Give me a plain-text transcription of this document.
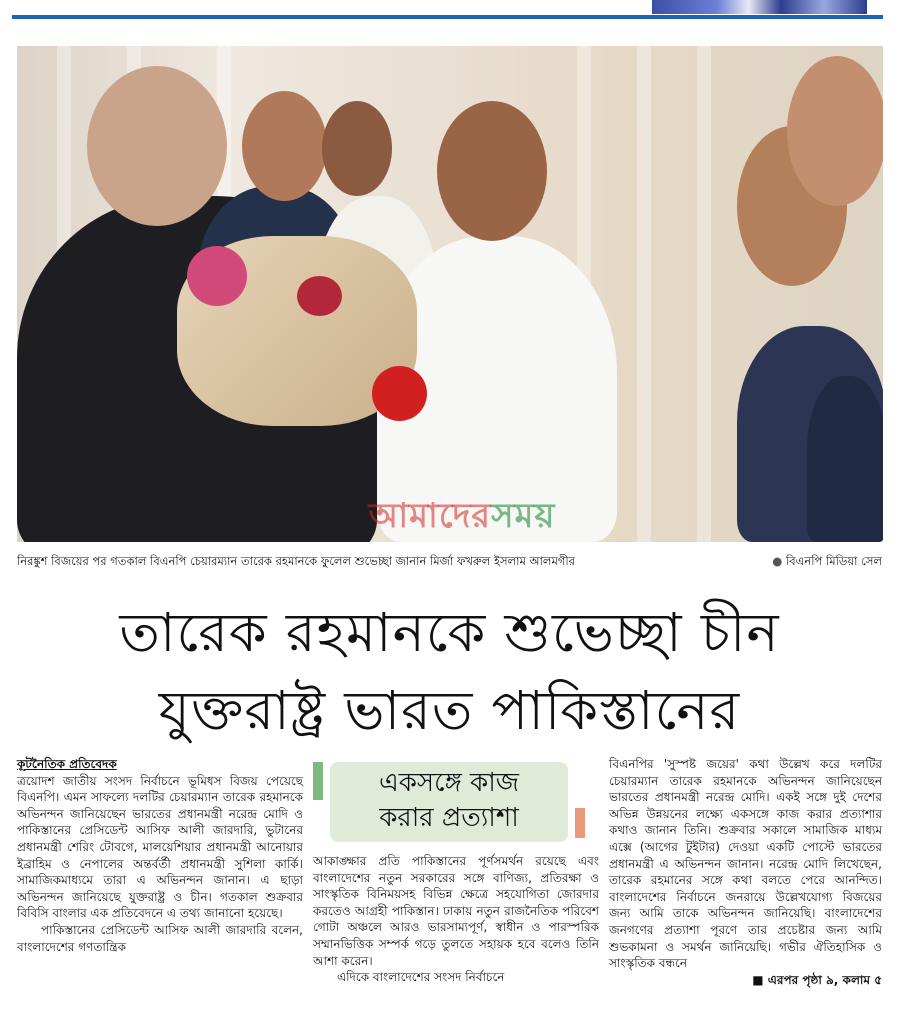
আমাদেরসময়
নিরঙ্কুশ বিজয়ের পর গতকাল বিএনপি চেয়ারম্যান তারেক রহমানকে ফুলেল শুভেচ্ছা জানান মির্জা ফখরুল ইসলাম আলমগীর	● বিএনপি মিডিয়া সেল
তারেক রহমানকে শুভেচ্ছা চীন
যুক্তরাষ্ট্র ভারত পাকিস্তানের
কূটনৈতিক প্রতিবেদক
ত্রয়োদশ জাতীয় সংসদ নির্বাচনে ভূমিধস বিজয় পেয়েছে বিএনপি। এমন সাফল্যে দলটির চেয়ারম্যান তারেক রহমানকে অভিনন্দন জানিয়েছেন ভারতের প্রধানমন্ত্রী নরেন্দ্র মোদি ও পাকিস্তানের প্রেসিডেন্ট আসিফ আলী জারদারি, ভুটানের প্রধানমন্ত্রী শেরিং টোবগে, মালয়েশিয়ার প্রধানমন্ত্রী আনোয়ার ইব্রাহিম ও নেপালের অন্তর্বর্তী প্রধানমন্ত্রী সুশিলা কার্কি। সামাজিকমাধ্যমে তারা এ অভিনন্দন জানান। এ ছাড়া অভিনন্দন জানিয়েছে যুক্তরাষ্ট্র ও চীন। গতকাল শুক্রবার বিবিসি বাংলার এক প্রতিবেদনে এ তথ্য জানানো হয়েছে।
পাকিস্তানের প্রেসিডেন্ট আসিফ আলী জারদারি বলেন, বাংলাদেশের গণতান্ত্রিক
একসঙ্গে কাজ
করার প্রত্যাশা
আকাঙ্ক্ষার প্রতি পাকিস্তানের পূর্ণসমর্থন রয়েছে এবং বাংলাদেশের নতুন সরকারের সঙ্গে বাণিজ্য, প্রতিরক্ষা ও সাংস্কৃতিক বিনিময়সহ বিভিন্ন ক্ষেত্রে সহযোগিতা জোরদার করতেও আগ্রহী পাকিস্তান। ঢাকায় নতুন রাজনৈতিক পরিবেশ গোটা অঞ্চলে আরও ভারসাম্যপূর্ণ, স্বাধীন ও পারস্পরিক সম্মানভিত্তিক সম্পর্ক গড়ে তুলতে সহায়ক হবে বলেও তিনি আশা করেন।
এদিকে বাংলাদেশের সংসদ নির্বাচনে
বিএনপির 'সুস্পষ্ট জয়ের' কথা উল্লেখ করে দলটির চেয়ারম্যান তারেক রহমানকে অভিনন্দন জানিয়েছেন ভারতের প্রধানমন্ত্রী নরেন্দ্র মোদি। একই সঙ্গে দুই দেশের অভিন্ন উন্নয়নের লক্ষ্যে একসঙ্গে কাজ করার প্রত্যাশার কথাও জানান তিনি। শুক্রবার সকালে সামাজিক মাধ্যম এক্সে (আগের টুইটার) দেওয়া একটি পোস্টে ভারতের প্রধানমন্ত্রী এ অভিনন্দন জানান। নরেন্দ্র মোদি লিখেছেন, তারেক রহমানের সঙ্গে কথা বলতে পেরে আনন্দিত। বাংলাদেশের নির্বাচনে জনরায়ে উল্লেখযোগ্য বিজয়ের জন্য আমি তাকে অভিনন্দন জানিয়েছি। বাংলাদেশের জনগণের প্রত্যাশা পূরণে তার প্রচেষ্টার জন্য আমি শুভকামনা ও সমর্থন জানিয়েছি। গভীর ঐতিহাসিক ও সাংস্কৃতিক বন্ধনে
■ এরপর পৃষ্ঠা ৯, কলাম ৫
